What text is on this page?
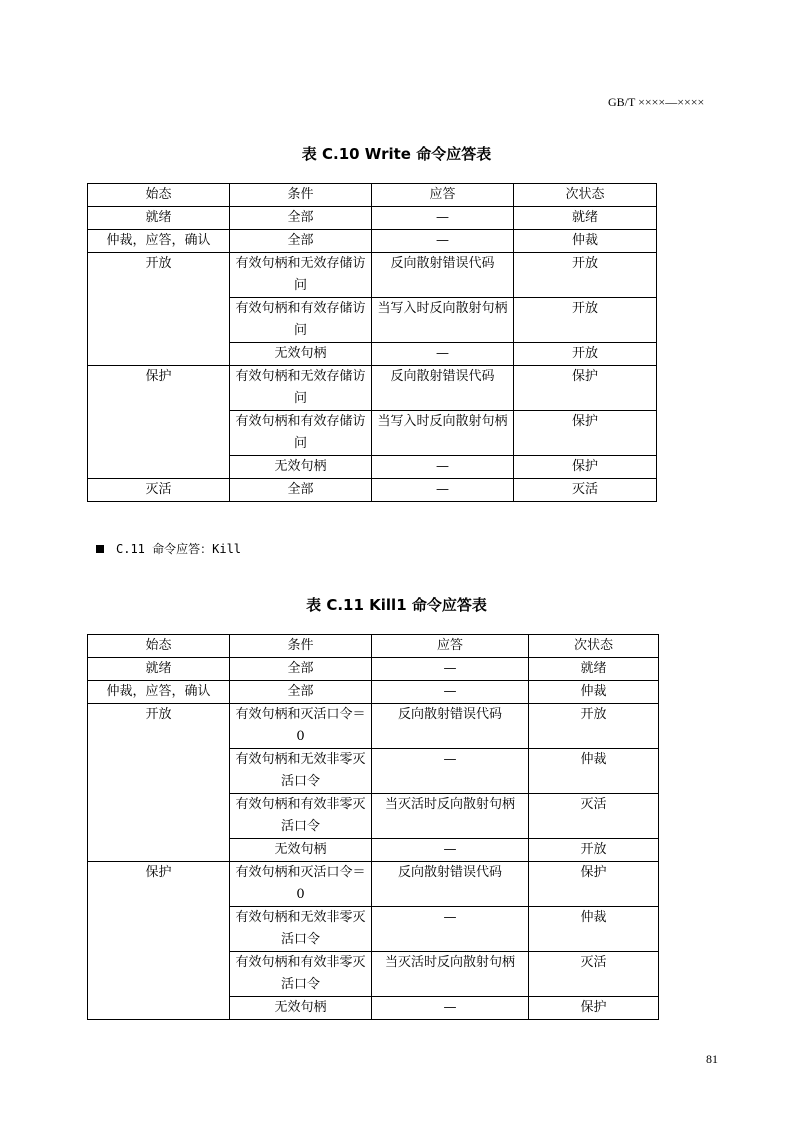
GB/T ××××—××××
表 C.10 Write 命令应答表
始态	条件	应答	次状态
就绪	全部	—	就绪
仲裁，应答，确认	全部	—	仲裁
开放	有效句柄和无效存储访问	反向散射错误代码	开放
	有效句柄和有效存储访问	当写入时反向散射句柄	开放
	无效句柄	—	开放
保护	有效句柄和无效存储访问	反向散射错误代码	保护
	有效句柄和有效存储访问	当写入时反向散射句柄	保护
	无效句柄	—	保护
灭活	全部	—	灭活
C.11 命令应答：Kill
表 C.11 Kill1 命令应答表
始态	条件	应答	次状态
就绪	全部	—	就绪
仲裁，应答，确认	全部	—	仲裁
开放	有效句柄和灭活口令＝0	反向散射错误代码	开放
	有效句柄和无效非零灭活口令	—	仲裁
	有效句柄和有效非零灭活口令	当灭活时反向散射句柄	灭活
	无效句柄	—	开放
保护	有效句柄和灭活口令＝0	反向散射错误代码	保护
	有效句柄和无效非零灭活口令	—	仲裁
	有效句柄和有效非零灭活口令	当灭活时反向散射句柄	灭活
	无效句柄	—	保护
81
